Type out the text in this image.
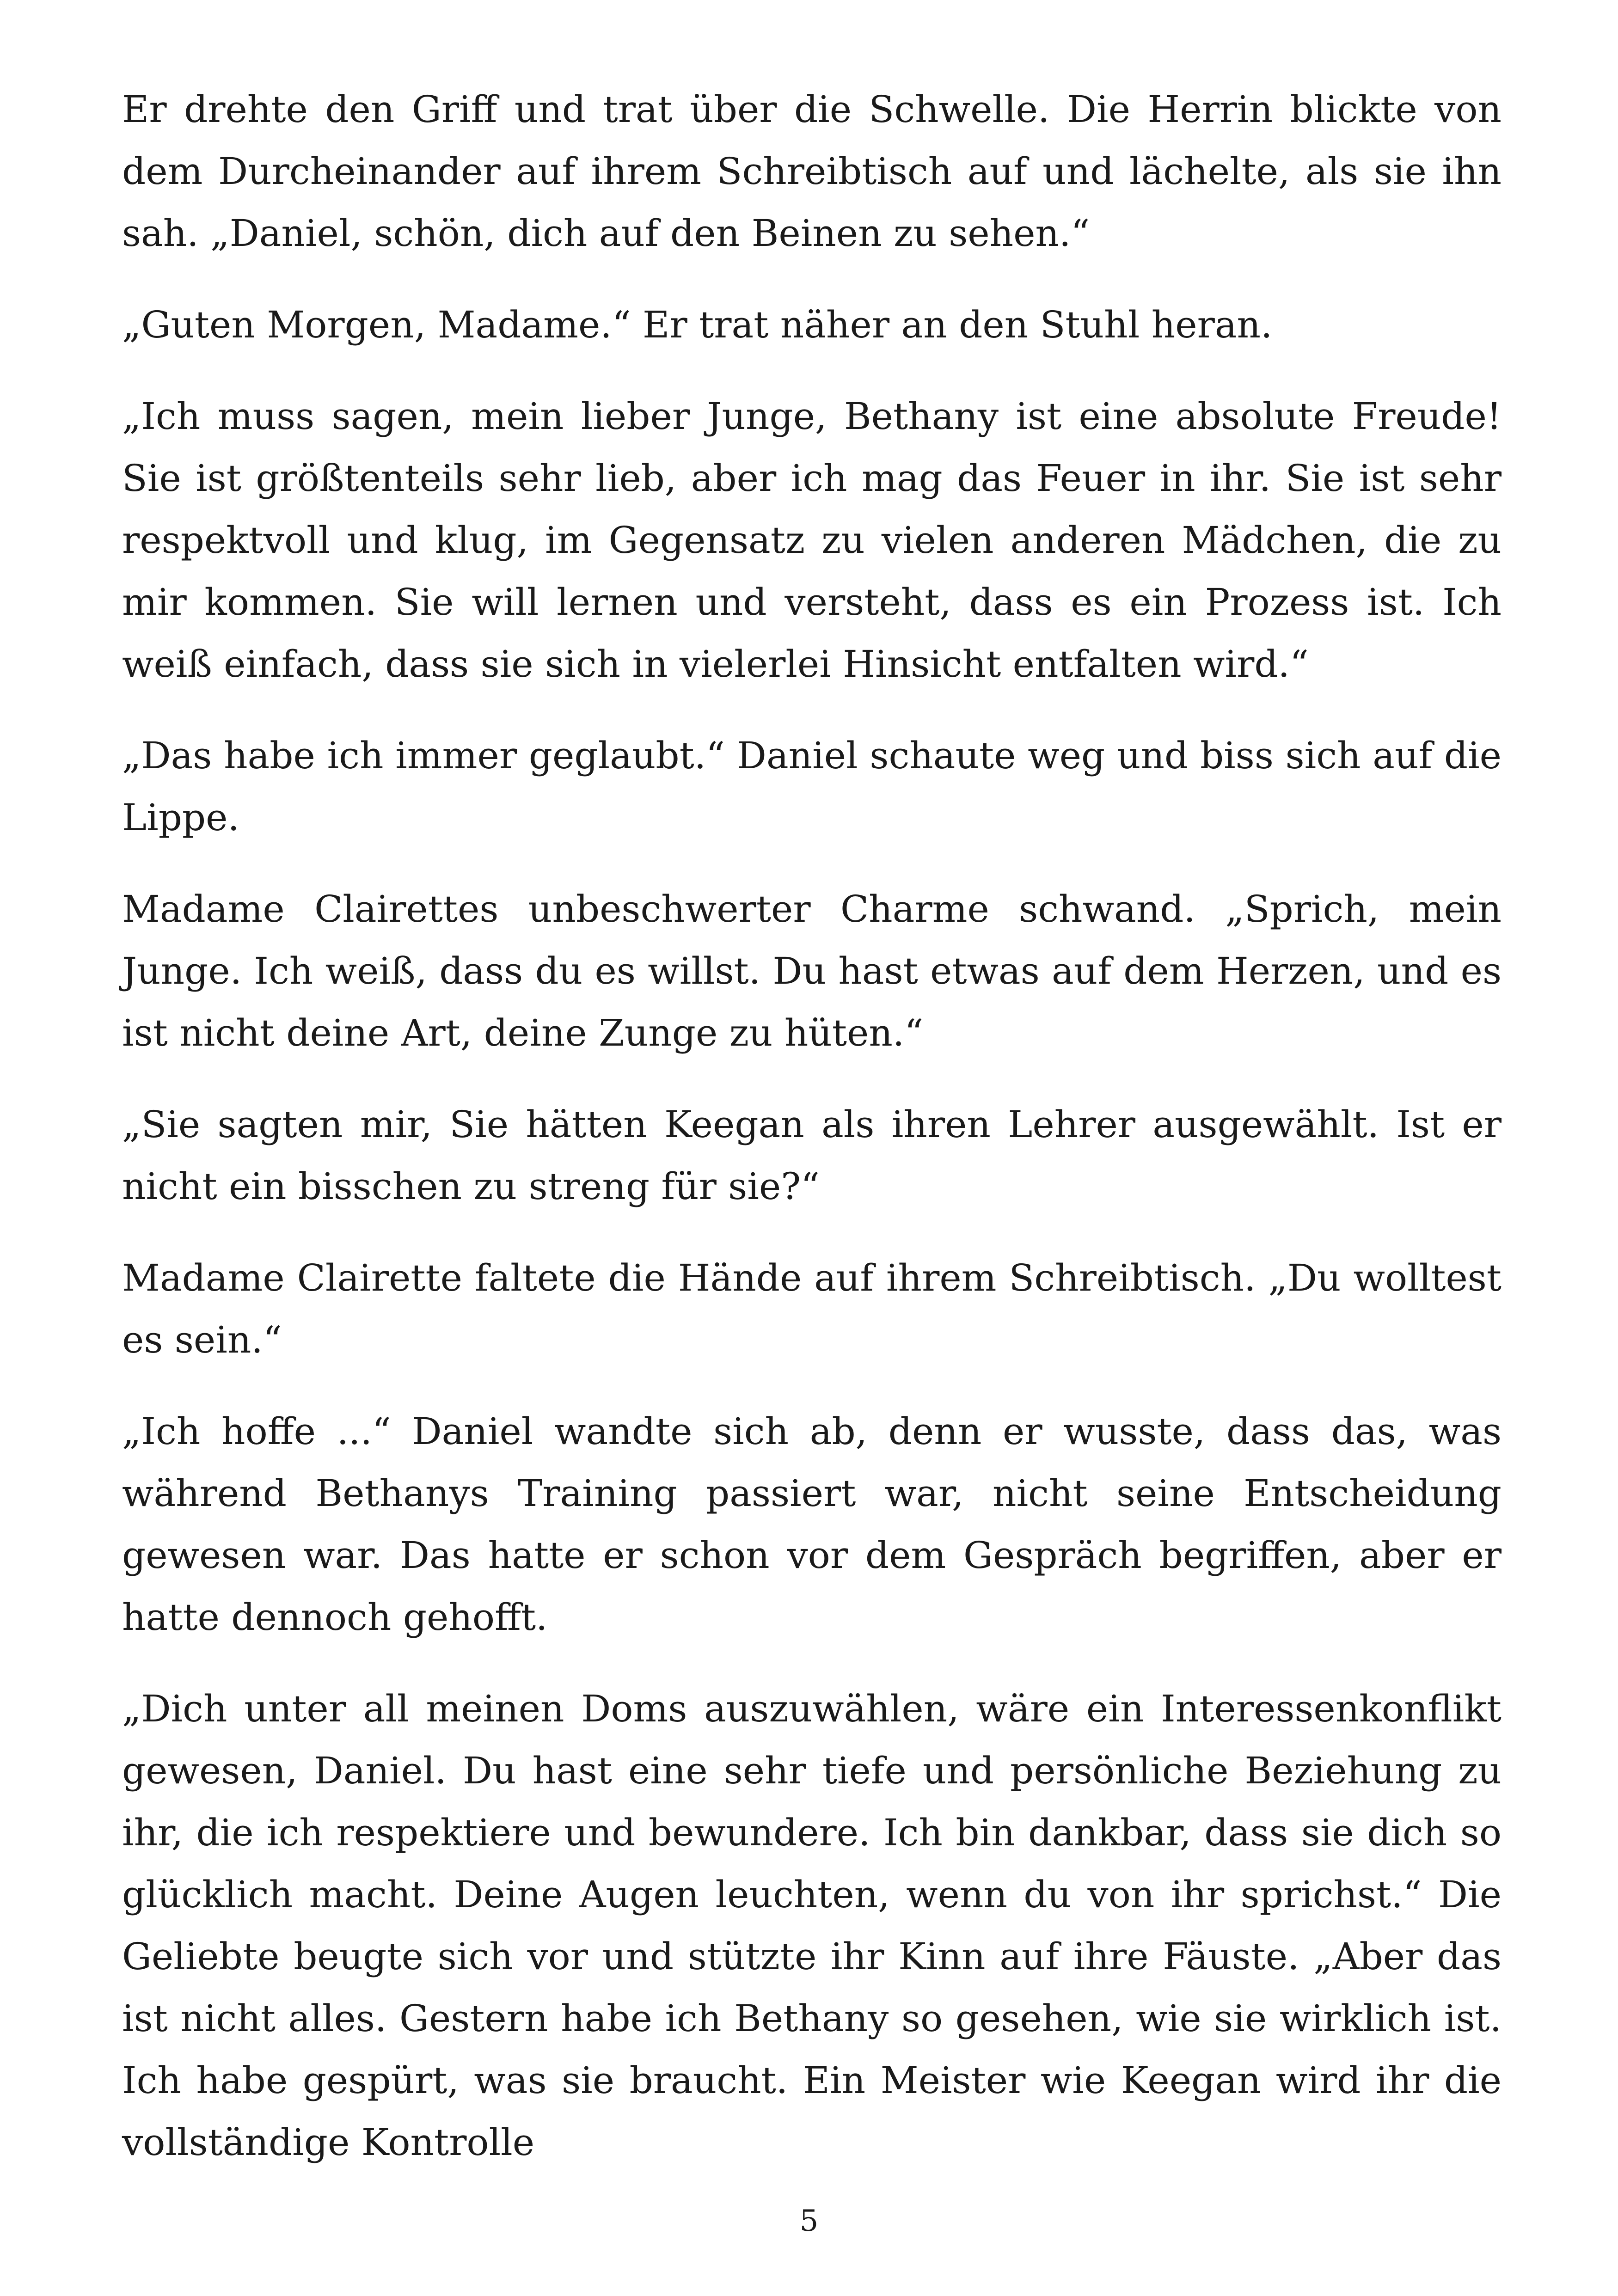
Er drehte den Griff und trat über die Schwelle. Die Herrin blickte von dem Durcheinander auf ihrem Schreibtisch auf und lächelte, als sie ihn sah. „Daniel, schön, dich auf den Beinen zu sehen.“

„Guten Morgen, Madame.“ Er trat näher an den Stuhl heran.

„Ich muss sagen, mein lieber Junge, Bethany ist eine absolute Freude! Sie ist größtenteils sehr lieb, aber ich mag das Feuer in ihr. Sie ist sehr respektvoll und klug, im Gegensatz zu vielen anderen Mädchen, die zu mir kommen. Sie will lernen und versteht, dass es ein Prozess ist. Ich weiß einfach, dass sie sich in vielerlei Hinsicht entfalten wird.“

„Das habe ich immer geglaubt.“ Daniel schaute weg und biss sich auf die Lippe.

Madame Clairettes unbeschwerter Charme schwand. „Sprich, mein Junge. Ich weiß, dass du es willst. Du hast etwas auf dem Herzen, und es ist nicht deine Art, deine Zunge zu hüten.“

„Sie sagten mir, Sie hätten Keegan als ihren Lehrer ausgewählt. Ist er nicht ein bisschen zu streng für sie?“

Madame Clairette faltete die Hände auf ihrem Schreibtisch. „Du wolltest es sein.“

„Ich hoffe ...“ Daniel wandte sich ab, denn er wusste, dass das, was während Bethanys Training passiert war, nicht seine Entscheidung gewesen war. Das hatte er schon vor dem Gespräch begriffen, aber er hatte dennoch gehofft.

„Dich unter all meinen Doms auszuwählen, wäre ein Interessenkonflikt gewesen, Daniel. Du hast eine sehr tiefe und persönliche Beziehung zu ihr, die ich respektiere und bewundere. Ich bin dankbar, dass sie dich so glücklich macht. Deine Augen leuchten, wenn du von ihr sprichst.“ Die Geliebte beugte sich vor und stützte ihr Kinn auf ihre Fäuste. „Aber das ist nicht alles. Gestern habe ich Bethany so gesehen, wie sie wirklich ist. Ich habe gespürt, was sie braucht. Ein Meister wie Keegan wird ihr die vollständige Kontrolle

5
